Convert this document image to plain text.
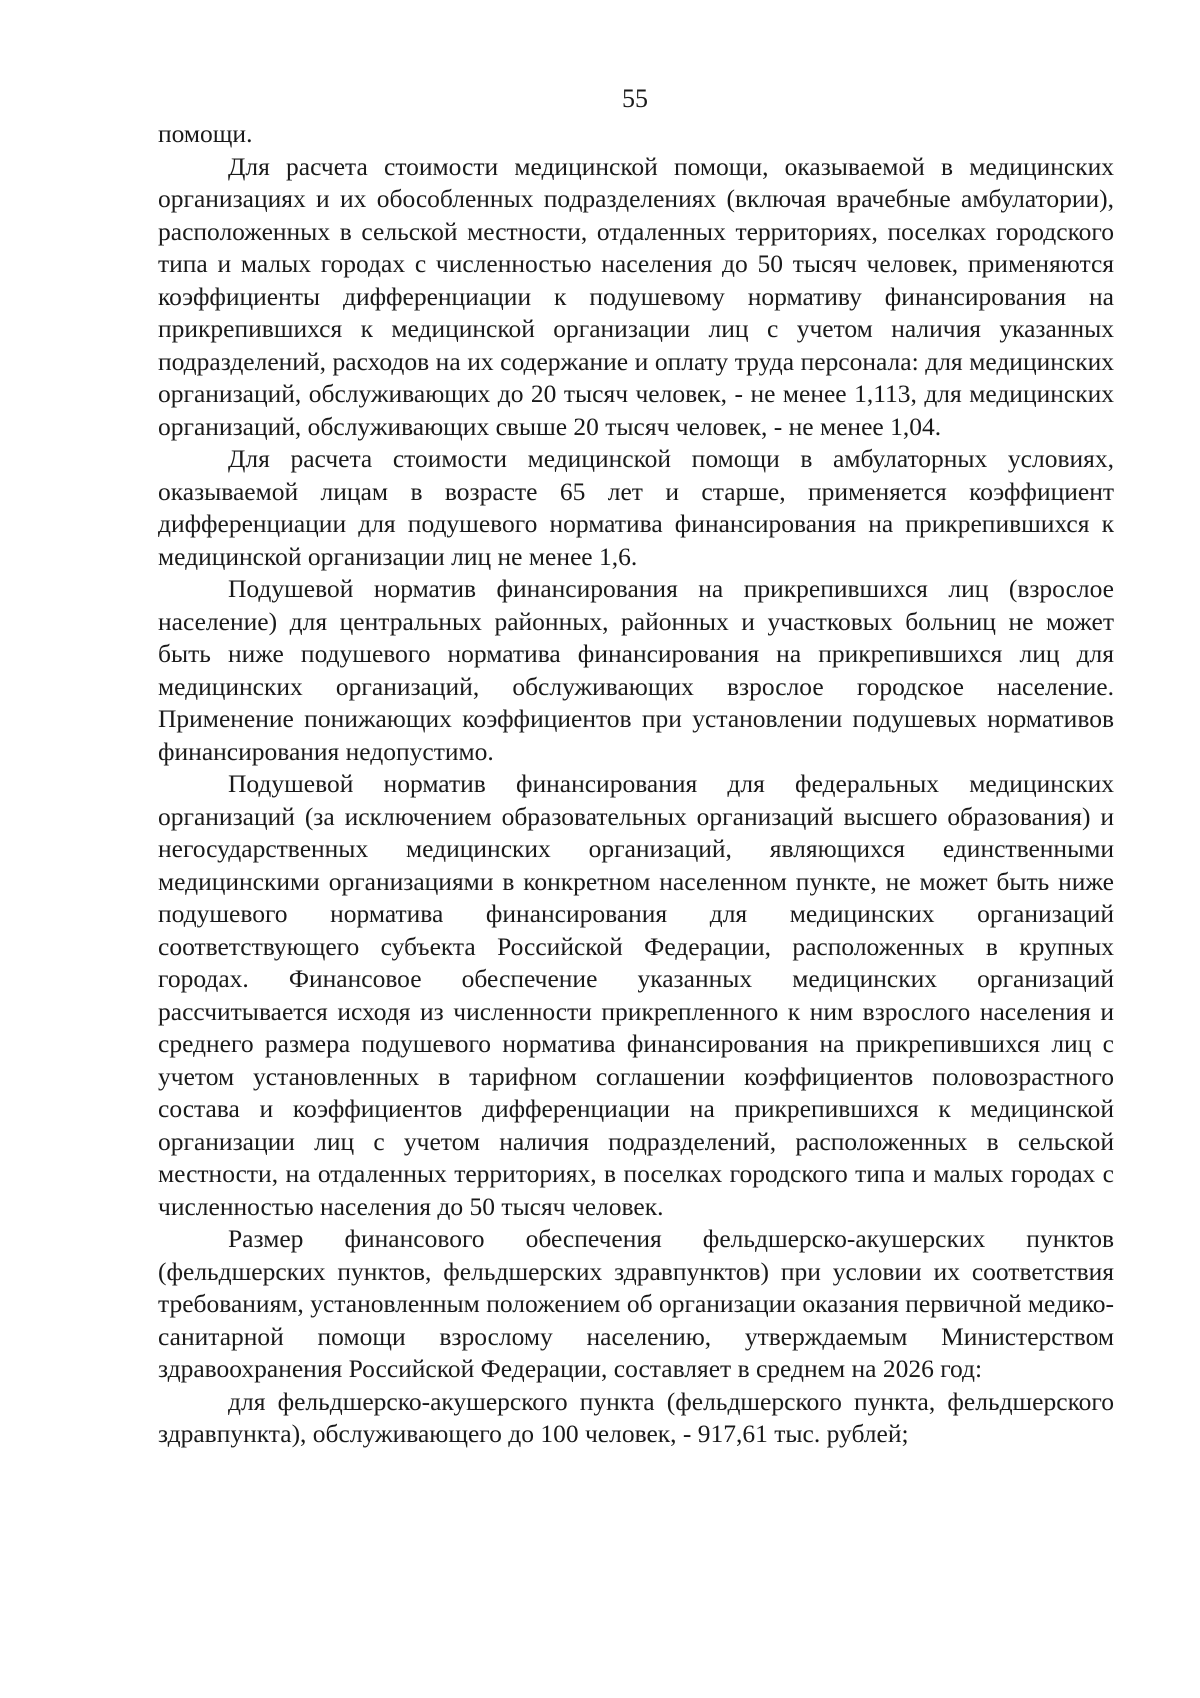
55

помощи.

Для расчета стоимости медицинской помощи, оказываемой в медицинских организациях и их обособленных подразделениях (включая врачебные амбулатории), расположенных в сельской местности, отдаленных территориях, поселках городского типа и малых городах с численностью населения до 50 тысяч человек, применяются коэффициенты дифференциации к подушевому нормативу финансирования на прикрепившихся к медицинской организации лиц с учетом наличия указанных подразделений, расходов на их содержание и оплату труда персонала: для медицинских организаций, обслуживающих до 20 тысяч человек, - не менее 1,113, для медицинских организаций, обслуживающих свыше 20 тысяч человек, - не менее 1,04.

Для расчета стоимости медицинской помощи в амбулаторных условиях, оказываемой лицам в возрасте 65 лет и старше, применяется коэффициент дифференциации для подушевого норматива финансирования на прикрепившихся к медицинской организации лиц не менее 1,6.

Подушевой норматив финансирования на прикрепившихся лиц (взрослое население) для центральных районных, районных и участковых больниц не может быть ниже подушевого норматива финансирования на прикрепившихся лиц для медицинских организаций, обслуживающих взрослое городское население. Применение понижающих коэффициентов при установлении подушевых нормативов финансирования недопустимо.

Подушевой норматив финансирования для федеральных медицинских организаций (за исключением образовательных организаций высшего образования) и негосударственных медицинских организаций, являющихся единственными медицинскими организациями в конкретном населенном пункте, не может быть ниже подушевого норматива финансирования для медицинских организаций соответствующего субъекта Российской Федерации, расположенных в крупных городах. Финансовое обеспечение указанных медицинских организаций рассчитывается исходя из численности прикрепленного к ним взрослого населения и среднего размера подушевого норматива финансирования на прикрепившихся лиц с учетом установленных в тарифном соглашении коэффициентов половозрастного состава и коэффициентов дифференциации на прикрепившихся к медицинской организации лиц с учетом наличия подразделений, расположенных в сельской местности, на отдаленных территориях, в поселках городского типа и малых городах с численностью населения до 50 тысяч человек.

Размер финансового обеспечения фельдшерско-акушерских пунктов (фельдшерских пунктов, фельдшерских здравпунктов) при условии их соответствия требованиям, установленным положением об организации оказания первичной медико-санитарной помощи взрослому населению, утверждаемым Министерством здравоохранения Российской Федерации, составляет в среднем на 2026 год:

для фельдшерско-акушерского пункта (фельдшерского пункта, фельдшерского здравпункта), обслуживающего до 100 человек, - 917,61 тыс. рублей;
